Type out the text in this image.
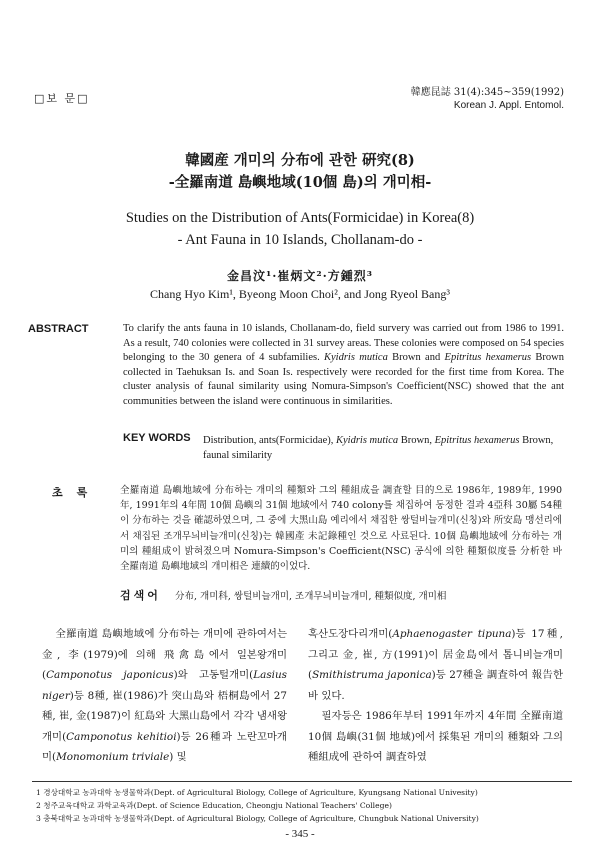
□보 문□	韓應昆誌 31(4):345~359(1992)
Korean J. Appl. Entomol.
韓國産 개미의 分布에 관한 硏究(8)
-全羅南道 島嶼地域(10個 島)의 개미相-
Studies on the Distribution of Ants(Formicidae) in Korea(8)
- Ant Fauna in 10 Islands, Chollanam-do -
金昌汶¹·崔炳文²·方鍾烈³
Chang Hyo Kim¹, Byeong Moon Choi², and Jong Ryeol Bang³
ABSTRACT	To clarify the ants fauna in 10 islands, Chollanam-do, field survery was carried out from 1986 to 1991. As a result, 740 colonies were collected in 31 survey areas. These colonies were composed on 54 species belonging to the 30 genera of 4 subfamilies. Kyidris mutica Brown and Epitritus hexamerus Brown collected in Taehuksan Is. and Soan Is. respectively were recorded for the first time from Korea. The cluster analysis of faunal similarity using Nomura-Simpson's Coefficient(NSC) showed that the ant communities between the island were continuous in similarities.
KEY WORDS Distribution, ants(Formicidae), Kyidris mutica Brown, Epitritus hexamerus Brown, faunal similarity
초록 全羅南道 島嶼地域에 分布하는 개미의 種類와 그의 種組成을 調査할 目的으로 1986年, 1989年, 1990年, 1991年의 4年間 10個 島嶼의 31個 地域에서 740 colony를 채집하여 동정한 결과 4亞科 30屬 54種이 分布하는 것을 確認하였으며, 그 중에 大黑山島 예리에서 채집한 쌍털비늘개미(신칭)와 所安島 맹선리에서 채집된 조개무늬비늘개미(신칭)는 韓國產 未記錄種인 것으로 사료된다. 10個 島嶼地域에 分布하는 개미의 種組成이 밝혀졌으며 Nomura-Simpson's Coefficient(NSC) 공식에 의한 種類似度를 分析한 바 全羅南道 島嶼地域의 개미相은 連續的이었다.
검색어 分布, 개미科, 쌍털비늘개미, 조개무늬비늘개미, 種類似度, 개미相

全羅南道 島嶼地域에 分布하는 개미에 관하여서는 金, 李(1979)에 의해 飛禽島에서 일본왕개미(Camponotus japonicus)와 고동털개미(Lasius niger)등 8種, 崔(1986)가 突山島와 梧桐島에서 27種, 崔, 金(1987)이 紅島와 大黑山島에서 각각 냄새왕개미(Camponotus kehitioi)등 26種과 노란꼬마개미(Monomonium triviale) 및

혹산도장다리개미(Aphaenogaster tipuna)등 17種, 그리고 金, 崔, 方(1991)이 居金島에서 톱니비늘개미(Smithistruma japonica)등 27種을 調査하여 報告한 바 있다.

필자등은 1986年부터 1991年까지 4年間 全羅南道 10個 島嶼(31個 地域)에서 採集된 개미의 種類와 그의 種組成에 관하여 調査하였

1 경상대학교 농과대학 농생물학과(Dept. of Agricultural Biology, College of Agriculture, Kyungsang National Univesity)
2 청주교육대학교 과학교육과(Dept. of Science Education, Cheongju National Teachers' College)
3 충북대학교 농과대학 농생물학과(Dept. of Agricultural Biology, College of Agriculture, Chungbuk National University)
- 345 -
